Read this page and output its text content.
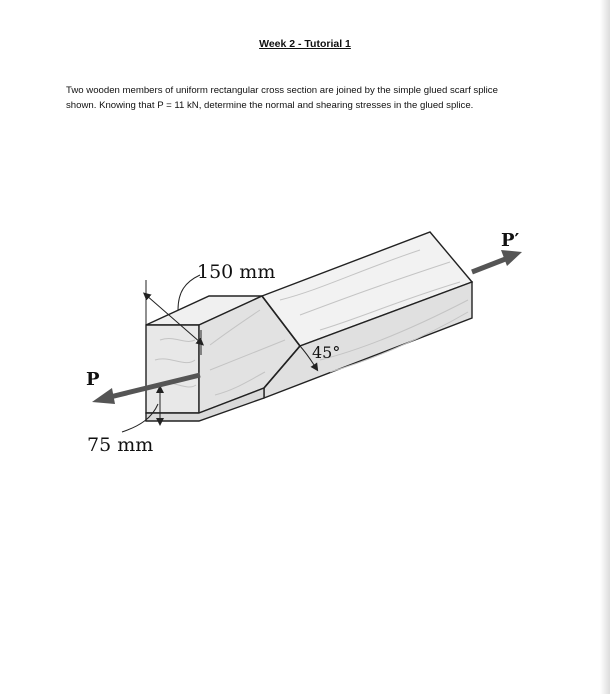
Week 2 - Tutorial 1

Two wooden members of uniform rectangular cross section are joined by the simple glued scarf splice

shown. Knowing that P = 11 kN, determine the normal and shearing stresses in the glued splice.

150 mm
75 mm
45°
P
P′
